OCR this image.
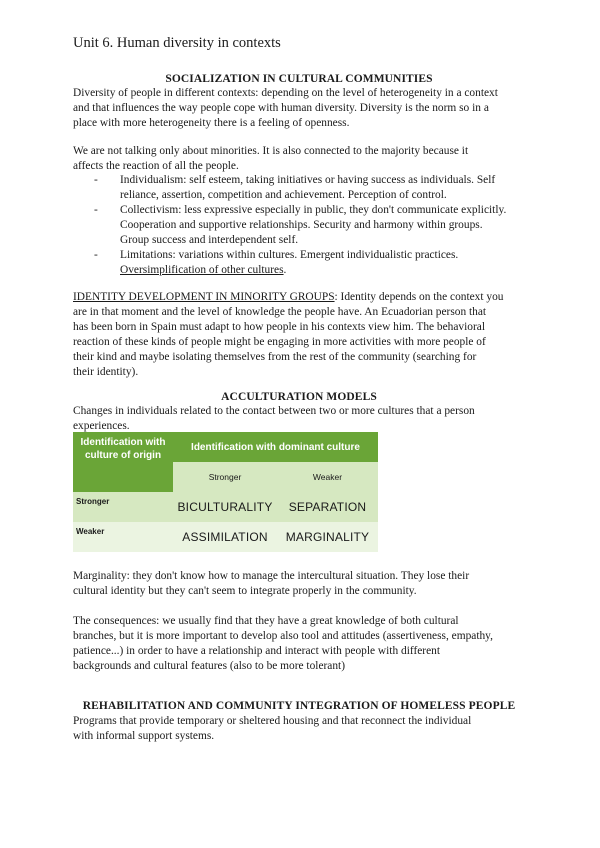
Unit 6. Human diversity in contexts
SOCIALIZATION IN CULTURAL COMMUNITIES
Diversity of people in different contexts: depending on the level of heterogeneity in a context
and that influences the way people cope with human diversity. Diversity is the norm so in a
place with more heterogeneity there is a feeling of openness.
We are not talking only about minorities. It is also connected to the majority because it
affects the reaction of all the people.
- Individualism: self esteem, taking initiatives or having success as individuals. Self
reliance, assertion, competition and achievement. Perception of control.
- Collectivism: less expressive especially in public, they don't communicate explicitly.
Cooperation and supportive relationships. Security and harmony within groups.
Group success and interdependent self.
- Limitations: variations within cultures. Emergent individualistic practices.
Oversimplification of other cultures.
IDENTITY DEVELOPMENT IN MINORITY GROUPS: Identity depends on the context you
are in that moment and the level of knowledge the people have. An Ecuadorian person that
has been born in Spain must adapt to how people in his contexts view him. The behavioral
reaction of these kinds of people might be engaging in more activities with more people of
their kind and maybe isolating themselves from the rest of the community (searching for
their identity).
ACCULTURATION MODELS
Changes in individuals related to the contact between two or more cultures that a person
experiences.
Identification with culture of origin	Identification with dominant culture	
	Stronger	Weaker
Stronger	BICULTURALITY	SEPARATION
Weaker	ASSIMILATION	MARGINALITY
Marginality: they don't know how to manage the intercultural situation. They lose their
cultural identity but they can't seem to integrate properly in the community.
The consequences: we usually find that they have a great knowledge of both cultural
branches, but it is more important to develop also tool and attitudes (assertiveness, empathy,
patience...) in order to have a relationship and interact with people with different
backgrounds and cultural features (also to be more tolerant)
REHABILITATION AND COMMUNITY INTEGRATION OF HOMELESS PEOPLE
Programs that provide temporary or sheltered housing and that reconnect the individual
with informal support systems.
